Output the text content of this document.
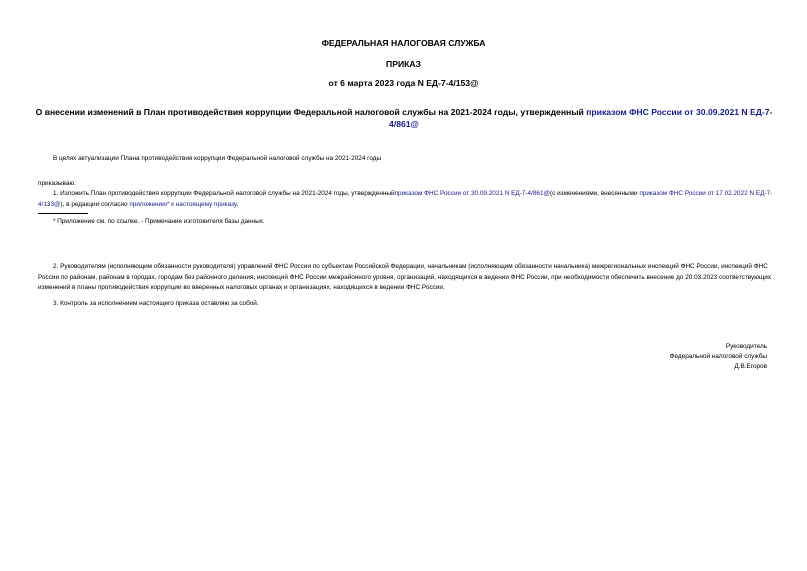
ФЕДЕРАЛЬНАЯ НАЛОГОВАЯ СЛУЖБА
ПРИКАЗ
от 6 марта 2023 года N ЕД-7-4/153@
О внесении изменений в План противодействия коррупции Федеральной налоговой службы на 2021-2024 годы, утвержденный приказом ФНС России от 30.09.2021 N ЕД-7-4/861@
В целях актуализации Плана противодействия коррупции Федеральной налоговой службы на 2021-2024 годы
приказываю:
1. Изложить План противодействия коррупции Федеральной налоговой службы на 2021-2024 годы, утвержденныйприказом ФНС России от 30.09.2021 N ЕД-7-4/861@(с изменениями, внесенными приказом ФНС России от 17.02.2022 N ЕД-7-4/133@), в редакции согласно приложению* к настоящему приказу.
* Приложение см. по ссылке. - Примечание изготовителя базы данных.
2. Руководителям (исполняющим обязанности руководителя) управлений ФНС России по субъектам Российской Федерации, начальникам (исполняющим обязанности начальника) межрегиональных инспекций ФНС России, инспекций ФНС России по районам, районам в городах, городам без районного деления, инспекций ФНС России межрайонного уровня, организаций, находящихся в ведении ФНС России, при необходимости обеспечить внесение до 20.03.2023 соответствующих изменений в планы противодействия коррупции во вверенных налоговых органах и организациях, находящихся в ведении ФНС России.
3. Контроль за исполнением настоящего приказа оставляю за собой.
Руководитель
Федеральной налоговой службы
Д.В.Егоров
